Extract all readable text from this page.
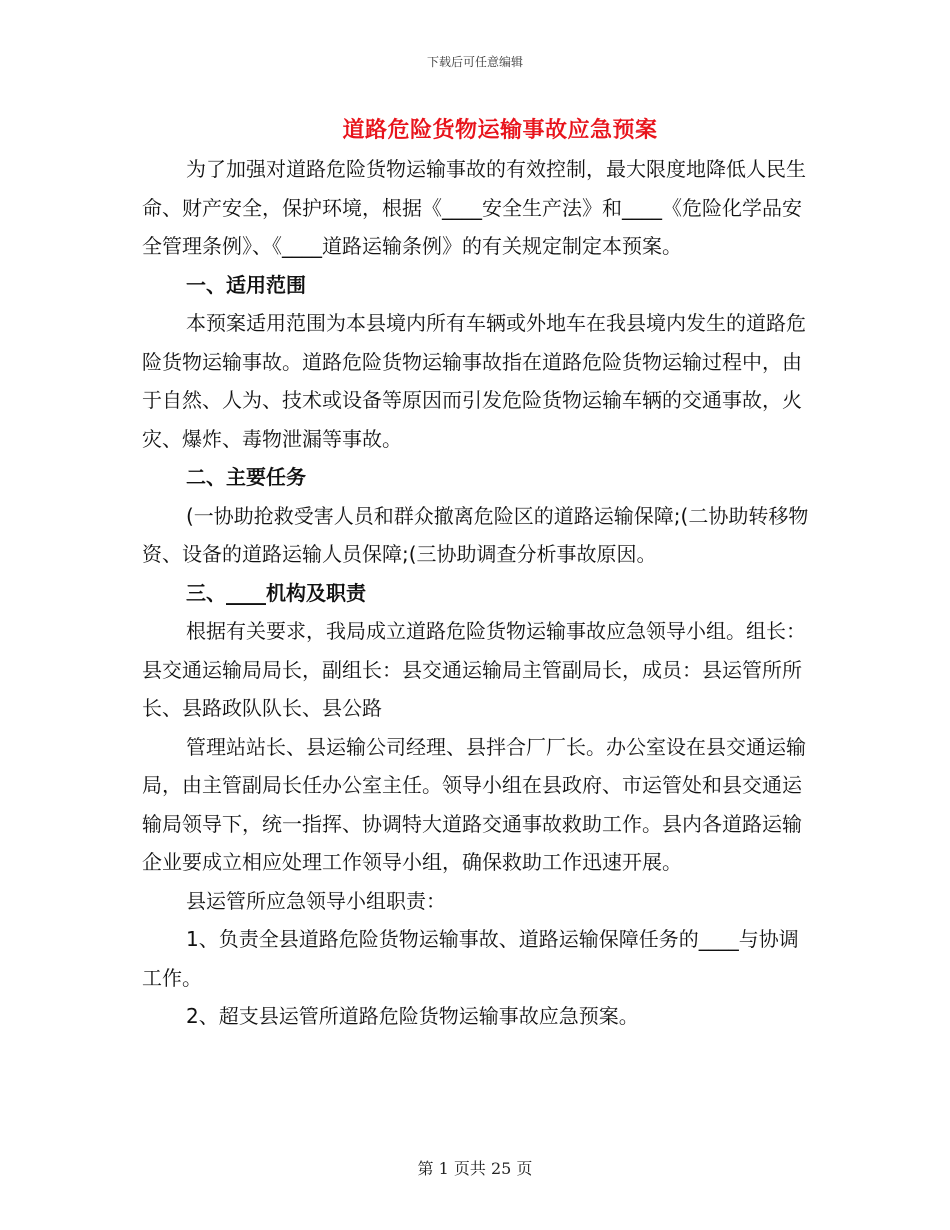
下载后可任意编辑
道路危险货物运输事故应急预案

为了加强对道路危险货物运输事故的有效控制，最大限度地降低人民生命、财产安全，保护环境，根据《____安全生产法》和____《危险化学品安全管理条例》、《____道路运输条例》的有关规定制定本预案。

一、适用范围

本预案适用范围为本县境内所有车辆或外地车在我县境内发生的道路危险货物运输事故。道路危险货物运输事故指在道路危险货物运输过程中，由于自然、人为、技术或设备等原因而引发危险货物运输车辆的交通事故，火灾、爆炸、毒物泄漏等事故。

二、主要任务

(一协助抢救受害人员和群众撤离危险区的道路运输保障;(二协助转移物资、设备的道路运输人员保障;(三协助调查分析事故原因。

三、____机构及职责

根据有关要求，我局成立道路危险货物运输事故应急领导小组。组长：县交通运输局局长，副组长：县交通运输局主管副局长，成员：县运管所所长、县路政队队长、县公路

管理站站长、县运输公司经理、县拌合厂厂长。办公室设在县交通运输局，由主管副局长任办公室主任。领导小组在县政府、市运管处和县交通运输局领导下，统一指挥、协调特大道路交通事故救助工作。县内各道路运输企业要成立相应处理工作领导小组，确保救助工作迅速开展。

县运管所应急领导小组职责：

1、负责全县道路危险货物运输事故、道路运输保障任务的____与协调工作。

2、超支县运管所道路危险货物运输事故应急预案。

第 1 页共 25 页
